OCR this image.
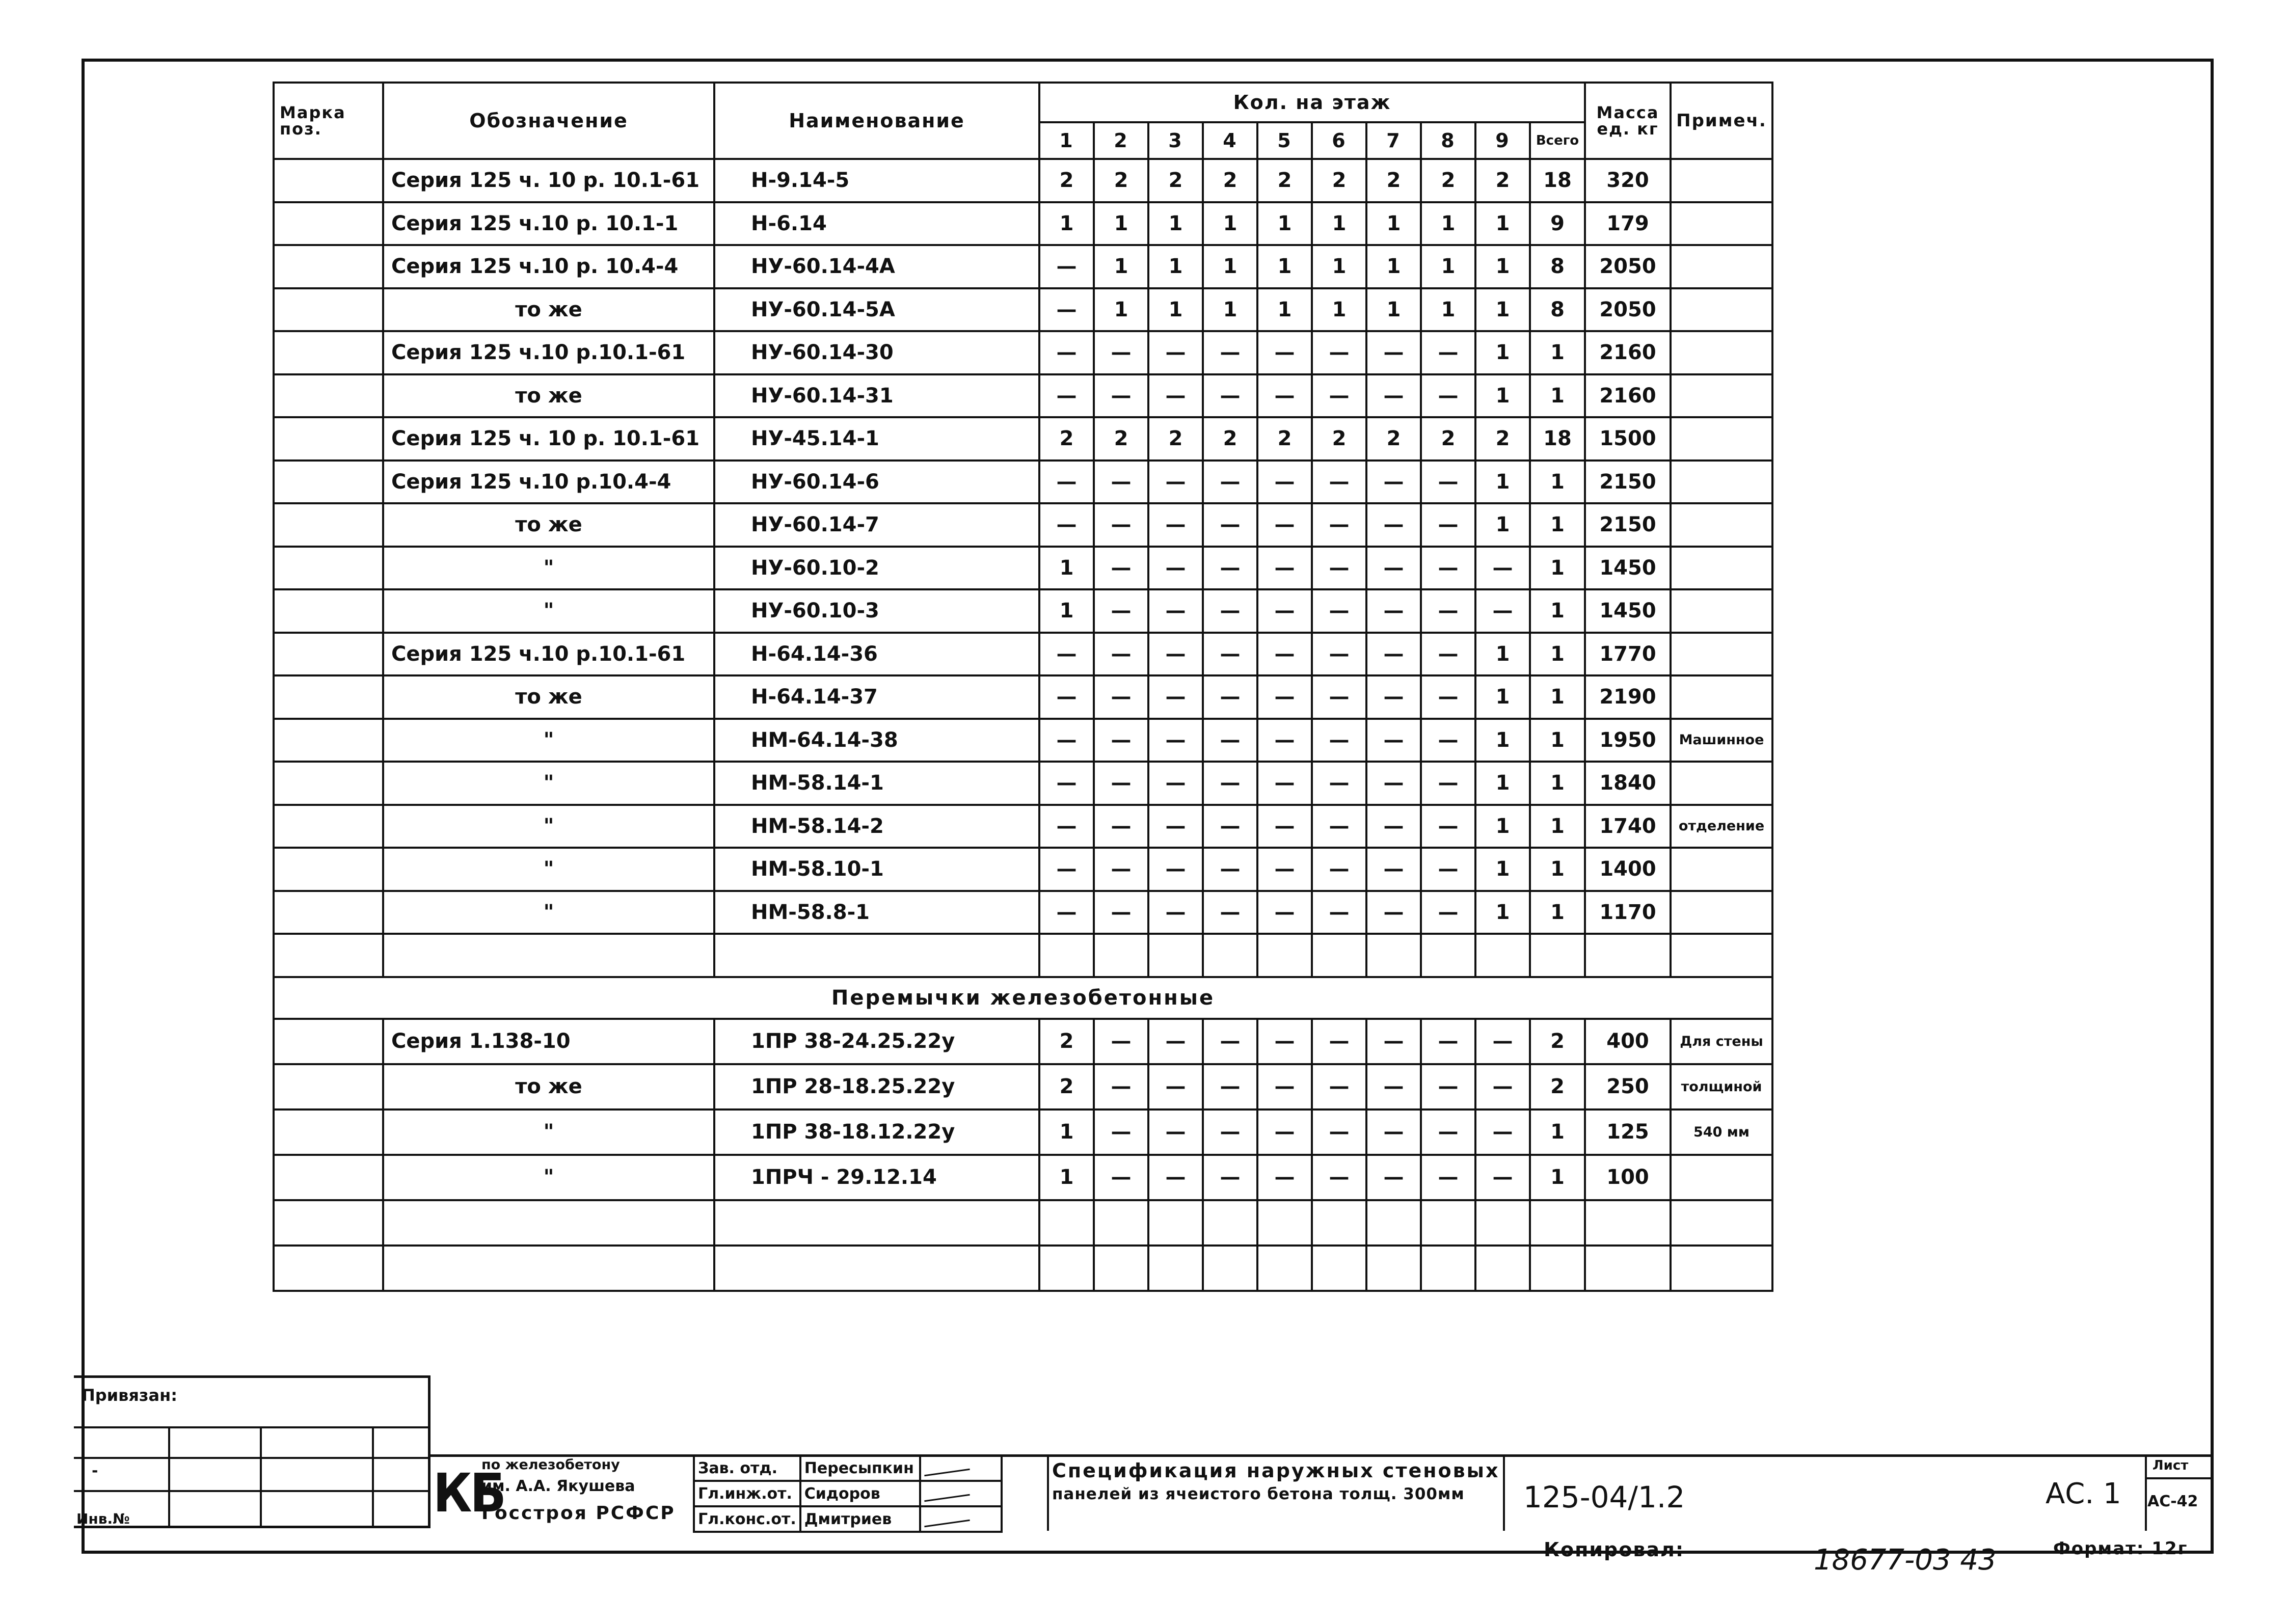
Марка поз.	Обозначение	Наименование	Кол. на этаж										Масса ед. кг	Примеч.
			1	2	3	4	5	6	7	8	9	Всего		
	Серия 125 ч. 10 р. 10.1-61	Н-9.14-5	2	2	2	2	2	2	2	2	2	18	320	
	Серия 125 ч.10 р. 10.1-1	Н-6.14	1	1	1	1	1	1	1	1	1	9	179	
	Серия 125 ч.10 р. 10.4-4	НУ-60.14-4А	—	1	1	1	1	1	1	1	1	8	2050	
	то же	НУ-60.14-5А	—	1	1	1	1	1	1	1	1	8	2050	
	Серия 125 ч.10 р.10.1-61	НУ-60.14-30	—	—	—	—	—	—	—	—	1	1	2160	
	то же	НУ-60.14-31	—	—	—	—	—	—	—	—	1	1	2160	
	Серия 125 ч. 10 р. 10.1-61	НУ-45.14-1	2	2	2	2	2	2	2	2	2	18	1500	
	Серия 125 ч.10 р.10.4-4	НУ-60.14-6	—	—	—	—	—	—	—	—	1	1	2150	
	то же	НУ-60.14-7	—	—	—	—	—	—	—	—	1	1	2150	
	"	НУ-60.10-2	1	—	—	—	—	—	—	—	—	1	1450	
	"	НУ-60.10-3	1	—	—	—	—	—	—	—	—	1	1450	
	Серия 125 ч.10 р.10.1-61	Н-64.14-36	—	—	—	—	—	—	—	—	1	1	1770	
	то же	Н-64.14-37	—	—	—	—	—	—	—	—	1	1	2190	
	"	НМ-64.14-38	—	—	—	—	—	—	—	—	1	1	1950	Машинное
	"	НМ-58.14-1	—	—	—	—	—	—	—	—	1	1	1840	
	"	НМ-58.14-2	—	—	—	—	—	—	—	—	1	1	1740	отделение
	"	НМ-58.10-1	—	—	—	—	—	—	—	—	1	1	1400	
	"	НМ-58.8-1	—	—	—	—	—	—	—	—	1	1	1170	

Перемычки железобетонные														
	Серия 1.138-10	1ПР 38-24.25.22у	2	—	—	—	—	—	—	—	—	2	400	Для стены
	то же	1ПР 28-18.25.22у	2	—	—	—	—	—	—	—	—	2	250	толщиной
	"	1ПР 38-18.12.22у	1	—	—	—	—	—	—	—	—	1	125	540 мм
	"	1ПРЧ - 29.12.14	1	—	—	—	—	—	—	—	—	1	100	

Привязан:
-
Инв.№	КБ
по железобетону
им. А.А. Якушева
Госстроя РСФСР
Зав. отд.	Пересыпкин	
Гл.инж.от.	Сидоров	
Гл.конс.от.	Дмитриев	
Спецификация наружных стеновых
панелей из ячеистого бетона толщ. 300мм 125-04/1.2	АС. 1
Лист
АС-42
Копировал:	18677-03 43	Формат: 12г
